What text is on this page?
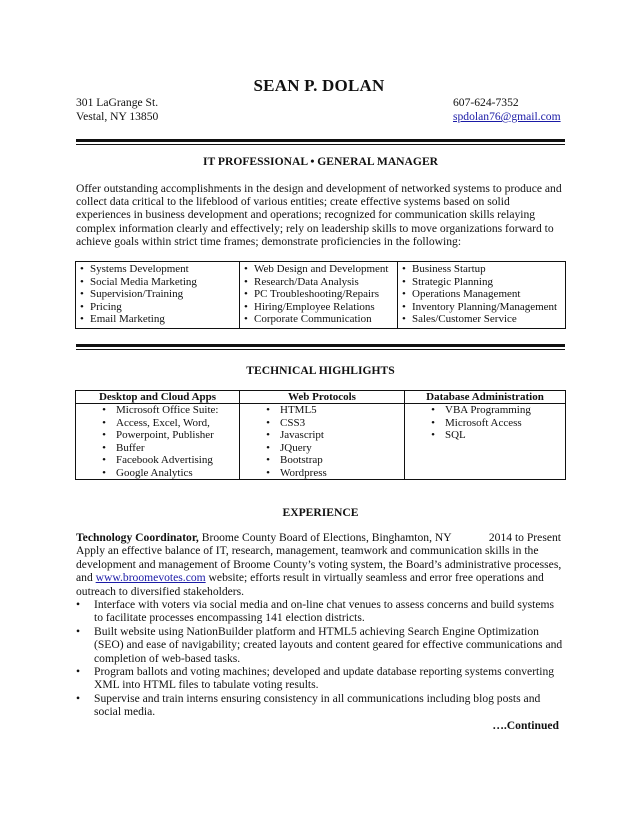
SEAN P. DOLAN
301 LaGrange St.
Vestal, NY 13850
607-624-7352
spdolan76@gmail.com
IT PROFESSIONAL • GENERAL MANAGER
Offer outstanding accomplishments in the design and development of networked systems to produce and collect data critical to the lifeblood of various entities; create effective systems based on solid experiences in business development and operations; recognized for communication skills relaying complex information clearly and effectively; rely on leadership skills to move organizations forward to achieve goals within strict time frames; demonstrate proficiencies in the following:
• Systems Development
• Social Media Marketing
• Supervision/Training
• Pricing
• Email Marketing
• Web Design and Development
• Research/Data Analysis
• PC Troubleshooting/Repairs
• Hiring/Employee Relations
• Corporate Communication
• Business Startup
• Strategic Planning
• Operations Management
• Inventory Planning/Management
• Sales/Customer Service
TECHNICAL HIGHLIGHTS
Desktop and Cloud Apps
• Microsoft Office Suite:
• Access, Excel, Word,
• Powerpoint, Publisher
• Buffer
• Facebook Advertising
• Google Analytics
Web Protocols
• HTML5
• CSS3
• Javascript
• JQuery
• Bootstrap
• Wordpress
Database Administration
• VBA Programming
• Microsoft Access
• SQL
EXPERIENCE
Technology Coordinator, Broome County Board of Elections, Binghamton, NY	2014 to Present
Apply an effective balance of IT, research, management, teamwork and communication skills in the development and management of Broome County’s voting system, the Board’s administrative processes, and www.broomevotes.com website; efforts result in virtually seamless and error free operations and outreach to diversified stakeholders.
• Interface with voters via social media and on-line chat venues to assess concerns and build systems to facilitate processes encompassing 141 election districts.
• Built website using NationBuilder platform and HTML5 achieving Search Engine Optimization (SEO) and ease of navigability; created layouts and content geared for effective communications and completion of web-based tasks.
• Program ballots and voting machines; developed and update database reporting systems converting XML into HTML files to tabulate voting results.
• Supervise and train interns ensuring consistency in all communications including blog posts and social media.
….Continued
